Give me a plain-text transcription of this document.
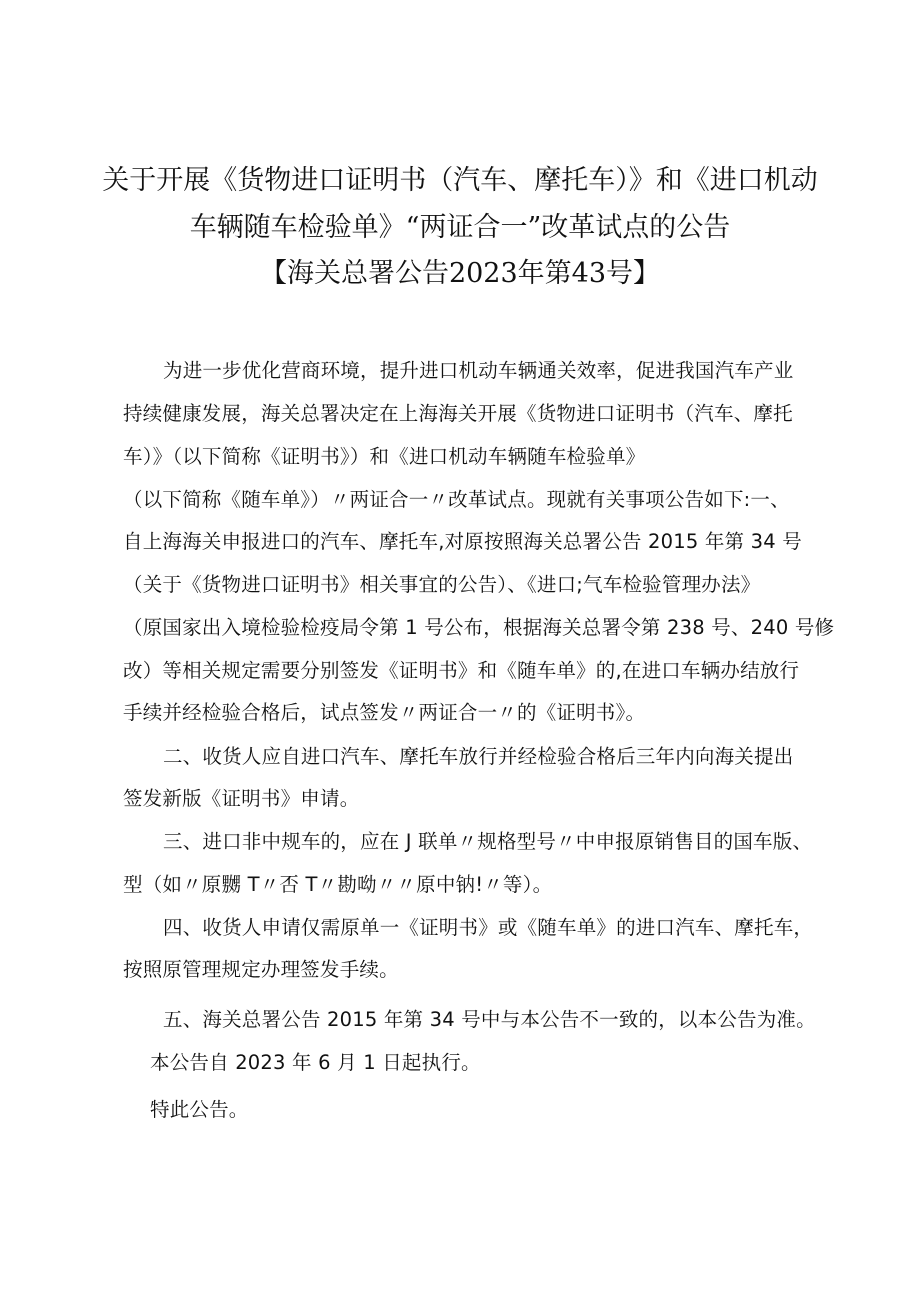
关于开展《货物进口证明书（汽车、摩托车）》和《进口机动
车辆随车检验单》“两证合一”改革试点的公告
【海关总署公告2023年第43号】
为进一步优化营商环境，提升进口机动车辆通关效率，促进我国汽车产业
持续健康发展，海关总署决定在上海海关开展《货物进口证明书（汽车、摩托
车）》（以下简称《证明书》）和《进口机动车辆随车检验单》
（以下简称《随车单》）〃两证合一〃改革试点。现就有关事项公告如下:一、
自上海海关申报进口的汽车、摩托车,对原按照海关总署公告 2015 年第 34 号
（关于《货物进口证明书》相关事宜的公告）、《进口;气车检验管理办法》
（原国家出入境检验检疫局令第 1 号公布，根据海关总署令第 238 号、240 号修
改）等相关规定需要分别签发《证明书》和《随车单》的,在进口车辆办结放行
手续并经检验合格后，试点签发〃两证合一〃的《证明书》。
二、收货人应自进口汽车、摩托车放行并经检验合格后三年内向海关提出
签发新版《证明书》申请。
三、进口非中规车的，应在 J 联单〃规格型号〃中申报原销售目的国车版、
型（如〃原嬲 T〃否 T〃勘呦〃〃原中钠!〃等）。
四、收货人申请仅需原单一《证明书》或《随车单》的进口汽车、摩托车，
按照原管理规定办理签发手续。
五、海关总署公告 2015 年第 34 号中与本公告不一致的，以本公告为准。
本公告自 2023 年 6 月 1 日起执行。
特此公告。
